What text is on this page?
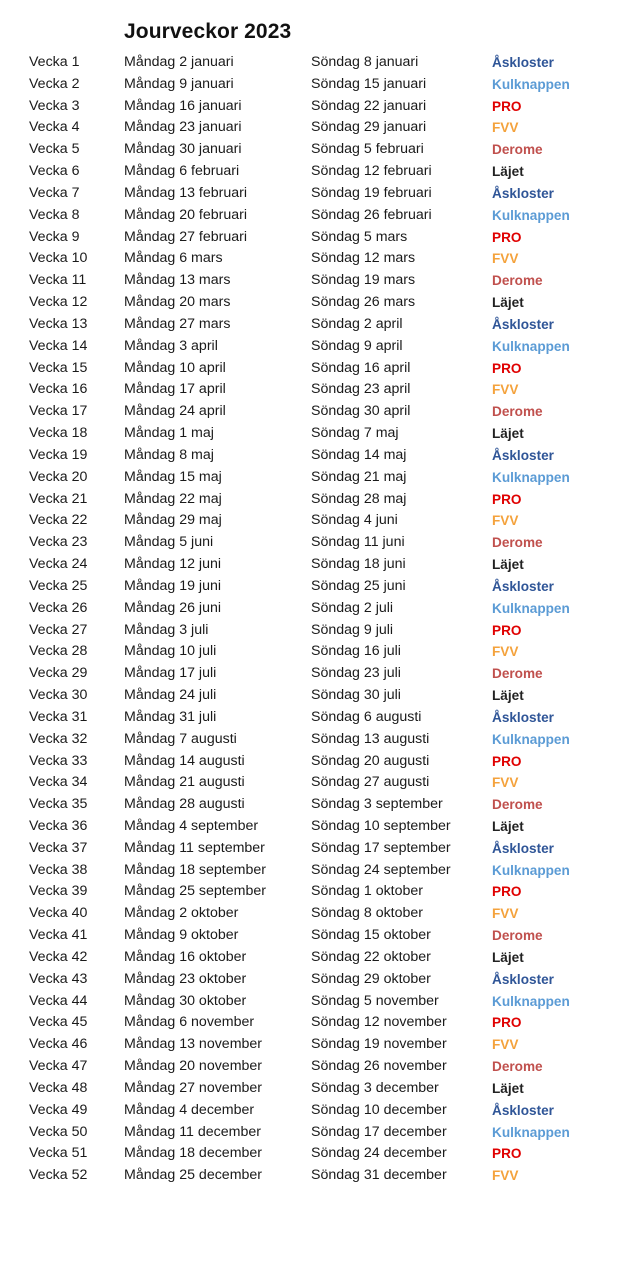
Jourveckor 2023
Vecka 1	Måndag 2 januari	Söndag 8 januari	Åskloster
Vecka 2	Måndag 9 januari	Söndag 15 januari	Kulknappen
Vecka 3	Måndag 16 januari	Söndag 22 januari	PRO
Vecka 4	Måndag 23 januari	Söndag 29 januari	FVV
Vecka 5	Måndag 30 januari	Söndag 5 februari	Derome
Vecka 6	Måndag 6 februari	Söndag 12 februari	Läjet
Vecka 7	Måndag 13 februari	Söndag 19 februari	Åskloster
Vecka 8	Måndag 20 februari	Söndag 26 februari	Kulknappen
Vecka 9	Måndag 27 februari	Söndag 5 mars	PRO
Vecka 10	Måndag 6 mars	Söndag 12 mars	FVV
Vecka 11	Måndag 13 mars	Söndag 19 mars	Derome
Vecka 12	Måndag 20 mars	Söndag 26 mars	Läjet
Vecka 13	Måndag 27 mars	Söndag 2 april	Åskloster
Vecka 14	Måndag 3 april	Söndag 9 april	Kulknappen
Vecka 15	Måndag 10 april	Söndag 16 april	PRO
Vecka 16	Måndag 17 april	Söndag 23 april	FVV
Vecka 17	Måndag 24 april	Söndag 30 april	Derome
Vecka 18	Måndag 1 maj	Söndag 7 maj	Läjet
Vecka 19	Måndag 8 maj	Söndag 14 maj	Åskloster
Vecka 20	Måndag 15 maj	Söndag 21 maj	Kulknappen
Vecka 21	Måndag 22 maj	Söndag 28 maj	PRO
Vecka 22	Måndag 29 maj	Söndag 4 juni	FVV
Vecka 23	Måndag 5 juni	Söndag 11 juni	Derome
Vecka 24	Måndag 12 juni	Söndag 18 juni	Läjet
Vecka 25	Måndag 19 juni	Söndag 25 juni	Åskloster
Vecka 26	Måndag 26 juni	Söndag 2 juli	Kulknappen
Vecka 27	Måndag 3 juli	Söndag 9 juli	PRO
Vecka 28	Måndag 10 juli	Söndag 16 juli	FVV
Vecka 29	Måndag 17 juli	Söndag 23 juli	Derome
Vecka 30	Måndag 24 juli	Söndag 30 juli	Läjet
Vecka 31	Måndag 31 juli	Söndag 6 augusti	Åskloster
Vecka 32	Måndag 7 augusti	Söndag 13 augusti	Kulknappen
Vecka 33	Måndag 14 augusti	Söndag 20 augusti	PRO
Vecka 34	Måndag 21 augusti	Söndag 27 augusti	FVV
Vecka 35	Måndag 28 augusti	Söndag 3 september	Derome
Vecka 36	Måndag 4 september	Söndag 10 september	Läjet
Vecka 37	Måndag 11 september	Söndag 17 september	Åskloster
Vecka 38	Måndag 18 september	Söndag 24 september	Kulknappen
Vecka 39	Måndag 25 september	Söndag 1 oktober	PRO
Vecka 40	Måndag 2 oktober	Söndag 8 oktober	FVV
Vecka 41	Måndag 9 oktober	Söndag 15 oktober	Derome
Vecka 42	Måndag 16 oktober	Söndag 22 oktober	Läjet
Vecka 43	Måndag 23 oktober	Söndag 29 oktober	Åskloster
Vecka 44	Måndag 30 oktober	Söndag 5 november	Kulknappen
Vecka 45	Måndag 6 november	Söndag 12 november	PRO
Vecka 46	Måndag 13 november	Söndag 19 november	FVV
Vecka 47	Måndag 20 november	Söndag 26 november	Derome
Vecka 48	Måndag 27 november	Söndag 3 december	Läjet
Vecka 49	Måndag 4 december	Söndag 10 december	Åskloster
Vecka 50	Måndag 11 december	Söndag 17 december	Kulknappen
Vecka 51	Måndag 18 december	Söndag 24 december	PRO
Vecka 52	Måndag 25 december	Söndag 31 december	FVV
